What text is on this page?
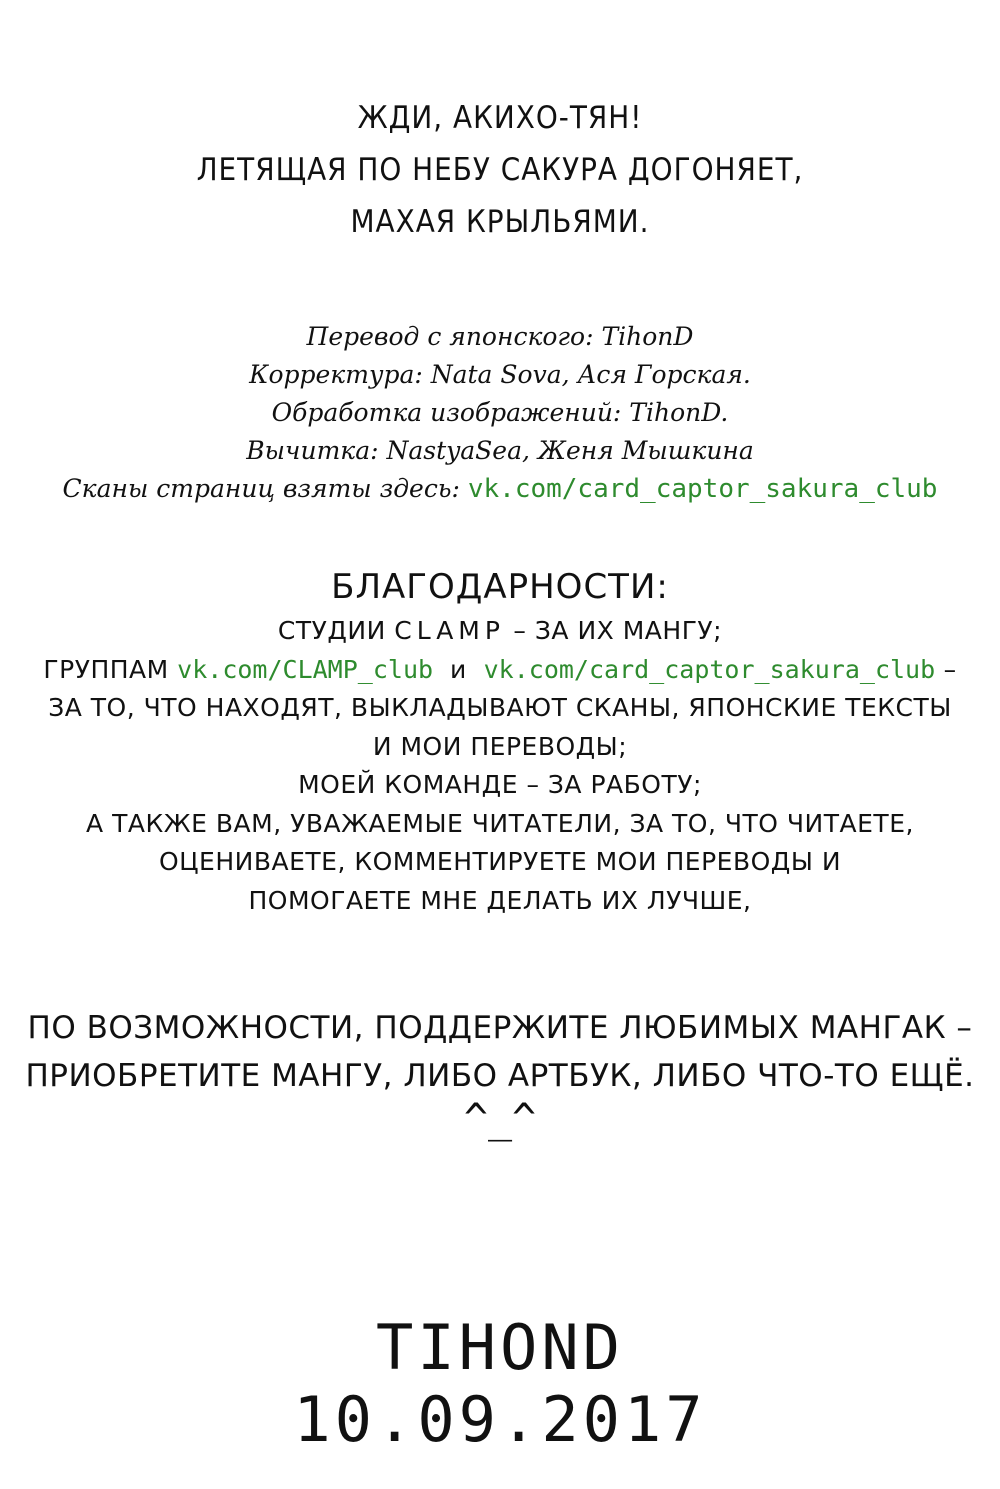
ЖДИ, АКИХО-ТЯН!
ЛЕТЯЩАЯ ПО НЕБУ САКУРА ДОГОНЯЕТ,
МАХАЯ КРЫЛЬЯМИ.
Перевод с японского: TihonD
Корректура: Nata Sova, Ася Горская.
Обработка изображений: TihonD.
Вычитка: NastyaSea, Женя Мышкина
Сканы страниц взяты здесь: vk.com/card_captor_sakura_club
БЛАГОДАРНОСТИ:
СТУДИИ CLAMP – ЗА ИХ МАНГУ;
ГРУППАМ vk.com/CLAMP_club и vk.com/card_captor_sakura_club –
ЗА ТО, ЧТО НАХОДЯТ, ВЫКЛАДЫВАЮТ СКАНЫ, ЯПОНСКИЕ ТЕКСТЫ
И МОИ ПЕРЕВОДЫ;
МОЕЙ КОМАНДЕ – ЗА РАБОТУ;
А ТАКЖЕ ВАМ, УВАЖАЕМЫЕ ЧИТАТЕЛИ, ЗА ТО, ЧТО ЧИТАЕТЕ,
ОЦЕНИВАЕТЕ, КОММЕНТИРУЕТЕ МОИ ПЕРЕВОДЫ И
ПОМОГАЕТЕ МНЕ ДЕЛАТЬ ИХ ЛУЧШЕ,
ПО ВОЗМОЖНОСТИ, ПОДДЕРЖИТЕ ЛЮБИМЫХ МАНГАК –
ПРИОБРЕТИТЕ МАНГУ, ЛИБО АРТБУК, ЛИБО ЧТО-ТО ЕЩЁ.
^_^
TIHOND
10.09.2017
